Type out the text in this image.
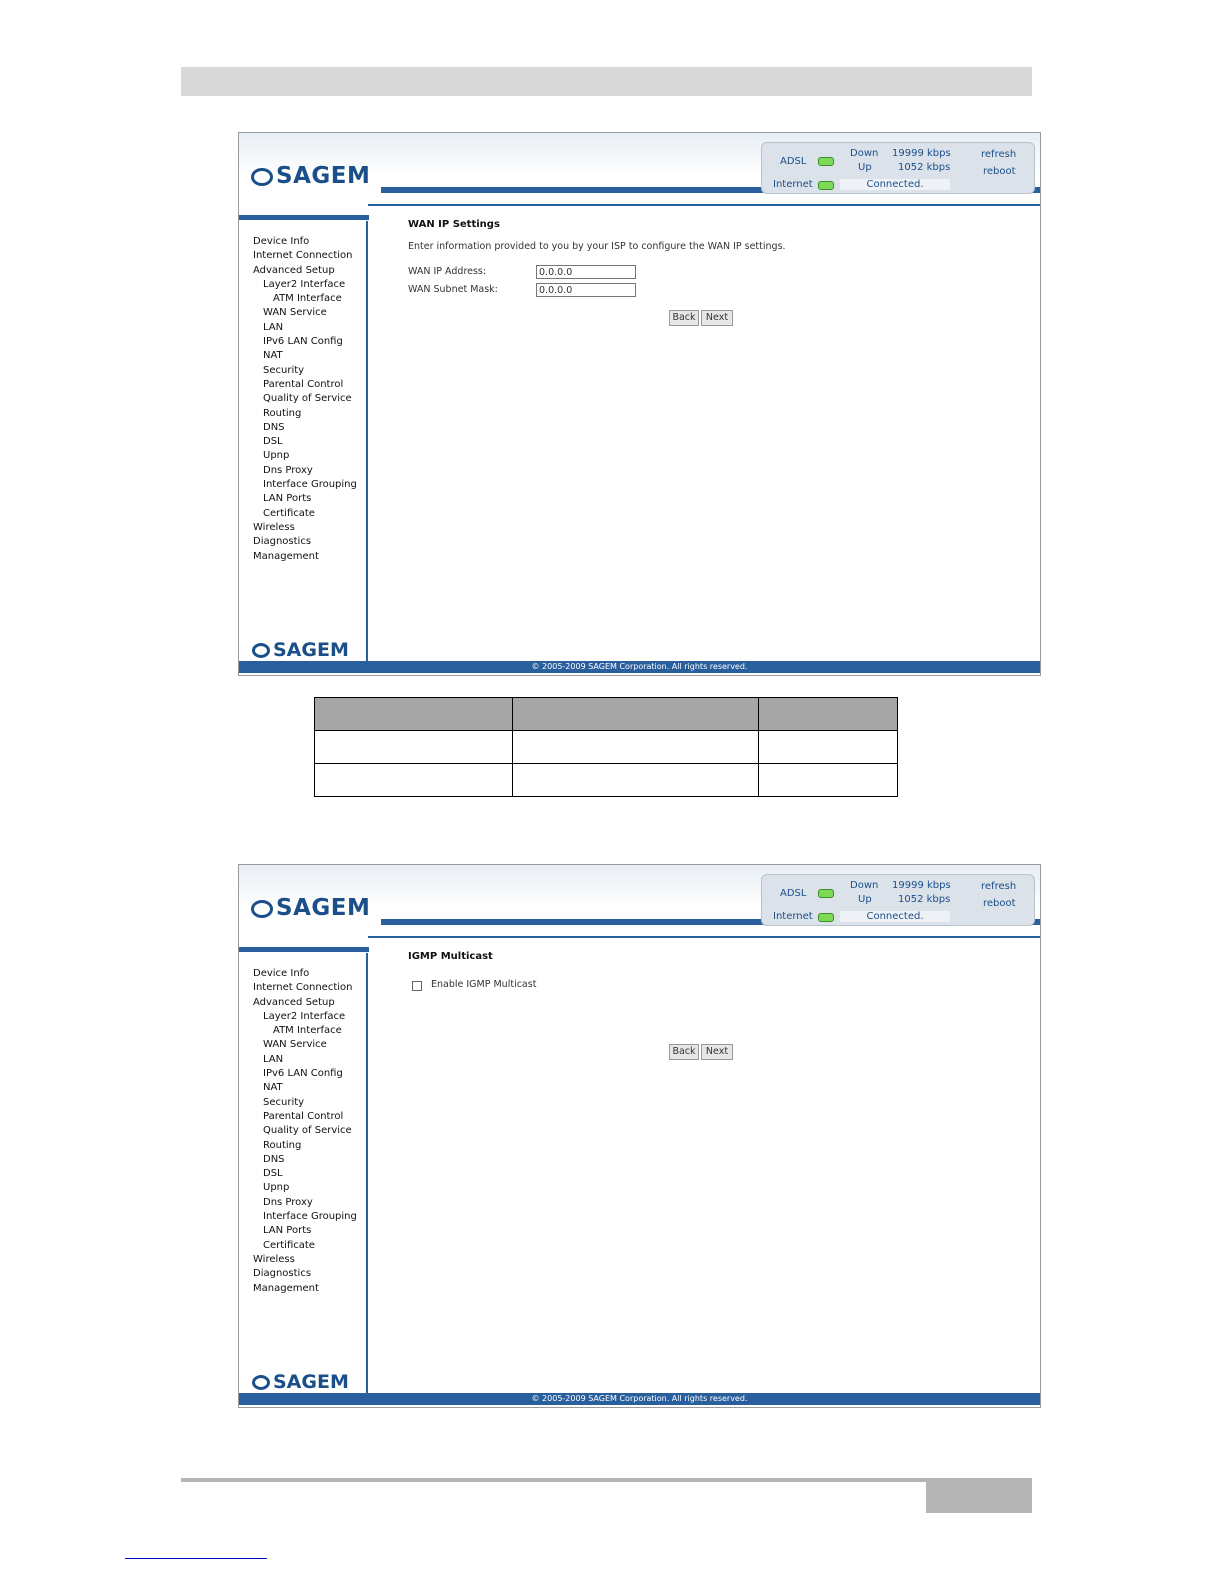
SAGEM
ADSL
Down 19999 kbps
Up	1052 kbps
refresh
reboot
Internet	Connected.
Device Info
Internet Connection
Advanced Setup
Layer2 Interface
ATM Interface
WAN Service
LAN
IPv6 LAN Config
NAT
Security
Parental Control
Quality of Service
Routing
DNS
DSL
Upnp
Dns Proxy
Interface Grouping
LAN Ports
Certificate
Wireless
Diagnostics
Management
SAGEM
WAN IP Settings
Enter information provided to you by your ISP to configure the WAN IP settings.
WAN IP Address:
0.0.0.0
WAN Subnet Mask:
0.0.0.0
Back	Next
© 2005-2009 SAGEM Corporation. All rights reserved.

SAGEM
ADSL
Down 19999 kbps
Up	1052 kbps
refresh
reboot
Internet	Connected.
Device Info
Internet Connection
Advanced Setup
Layer2 Interface
ATM Interface
WAN Service
LAN
IPv6 LAN Config
NAT
Security
Parental Control
Quality of Service
Routing
DNS
DSL
Upnp
Dns Proxy
Interface Grouping
LAN Ports
Certificate
Wireless
Diagnostics
Management
SAGEM
IGMP Multicast
Enable IGMP Multicast
Back	Next
© 2005-2009 SAGEM Corporation. All rights reserved.
